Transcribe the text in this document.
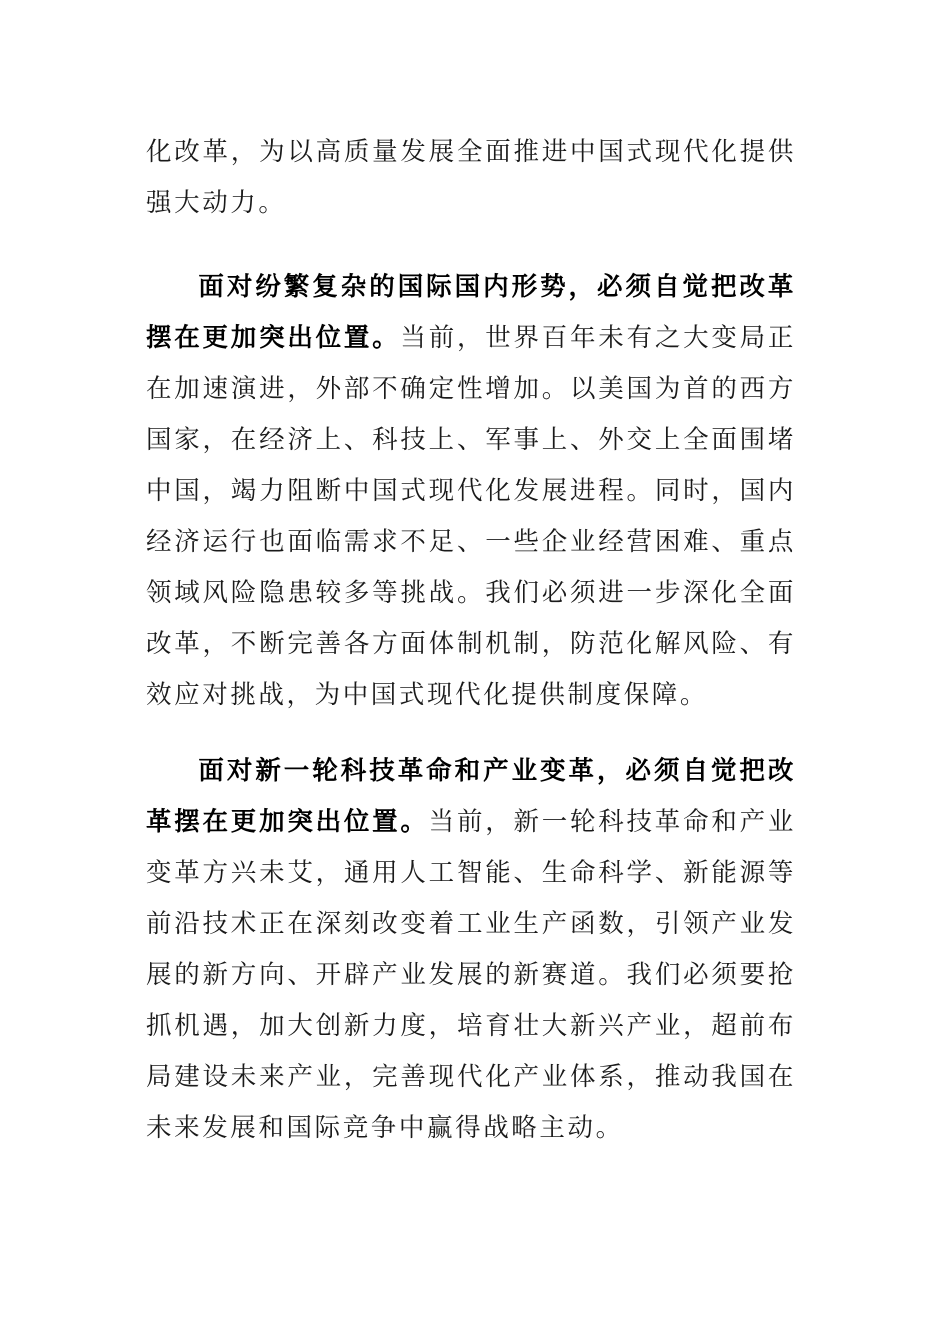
化改革，为以高质量发展全面推进中国式现代化提供强大动力。
面对纷繁复杂的国际国内形势，必须自觉把改革摆在更加突出位置。当前，世界百年未有之大变局正在加速演进，外部不确定性增加。以美国为首的西方国家，在经济上、科技上、军事上、外交上全面围堵中国，竭力阻断中国式现代化发展进程。同时，国内经济运行也面临需求不足、一些企业经营困难、重点领域风险隐患较多等挑战。我们必须进一步深化全面改革，不断完善各方面体制机制，防范化解风险、有效应对挑战，为中国式现代化提供制度保障。
面对新一轮科技革命和产业变革，必须自觉把改革摆在更加突出位置。当前，新一轮科技革命和产业变革方兴未艾，通用人工智能、生命科学、新能源等前沿技术正在深刻改变着工业生产函数，引领产业发展的新方向、开辟产业发展的新赛道。我们必须要抢抓机遇，加大创新力度，培育壮大新兴产业，超前布局建设未来产业，完善现代化产业体系，推动我国在未来发展和国际竞争中赢得战略主动。
